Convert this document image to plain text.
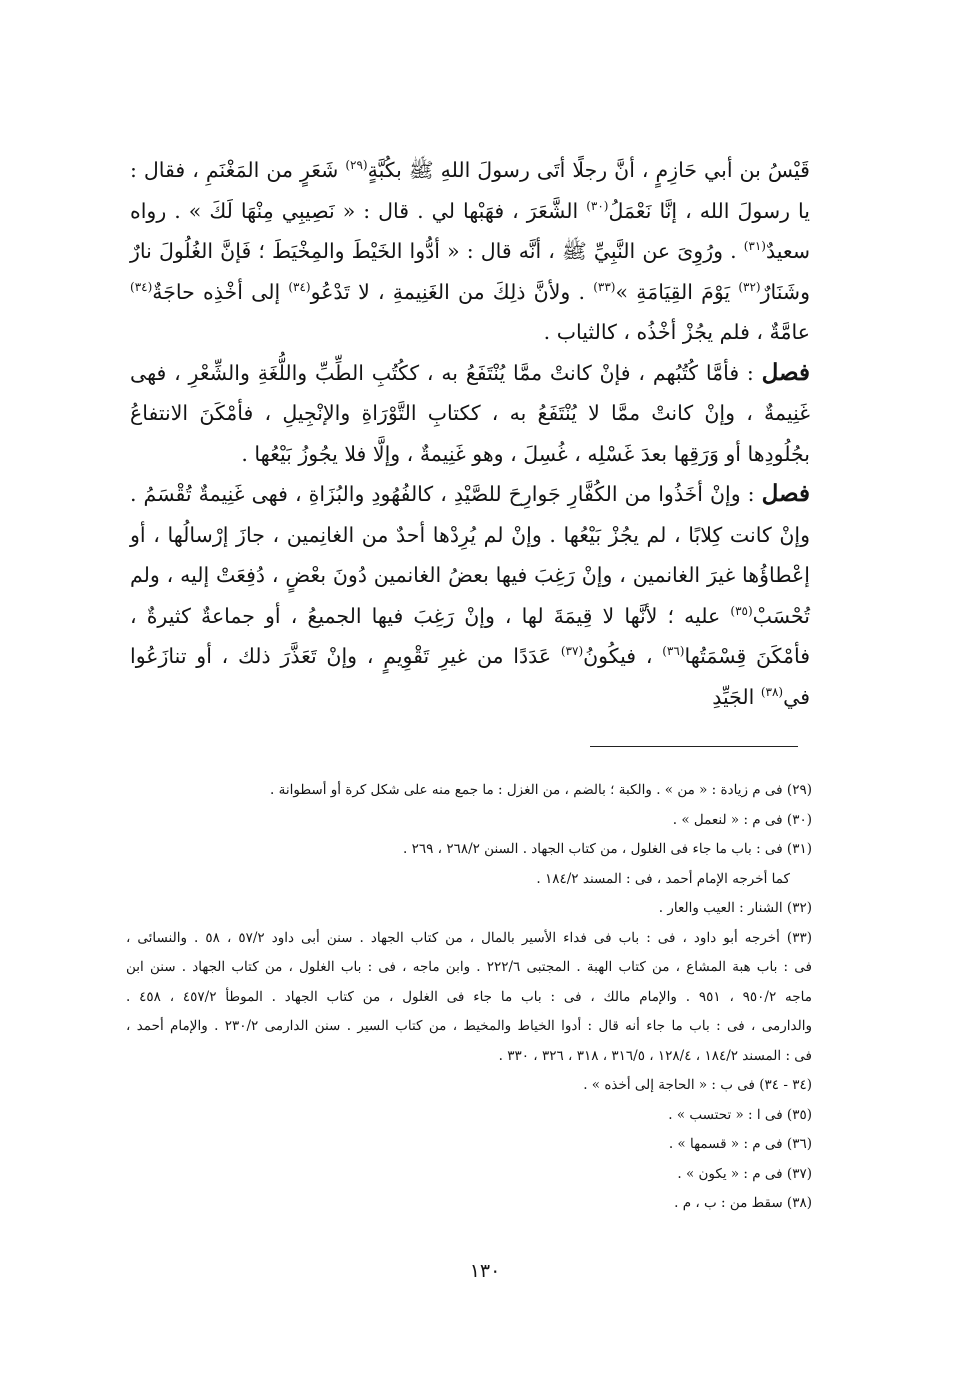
قَيْسُ بن أبي حَازِمٍ ، أنَّ رجلًا أتَى رسولَ اللهِ ﷺ بكُبَّةٍ$^{(٢٩)}$ شَعَرٍ من المَغْنَمِ ، فقال : يا رسولَ الله ، إنَّا نَعْمَلُ$^{(٣٠)}$ الشَّعَرَ ، فهَبْها لي . قال : « نَصِيبِي مِنْهَا لَكَ » . رواه سعيدٌ$^{(٣١)}$ . ورُوِىَ عن النَّبِيِّ ﷺ ، أنَّه قال : « أدُّوا الخَيْطَ والمِخْيَطَ ؛ فَإنَّ الغُلُولَ نارٌ وشَنَارٌ$^{(٣٢)}$ يَوْمَ القِيَامَةِ »$^{(٣٣)}$ . ولأنَّ ذلِكَ من الغَنِيمةِ ، لا تَدْعُو$^{(٣٤)}$ إلى أخْذِه حاجَةٌ$^{(٣٤)}$ عامَّةٌ ، فلم يجُزْ أخْذُه ، كالثياب .

فصل : فأمَّا كُتُبُهم ، فإنْ كانتْ ممَّا يُنْتَفَعُ به ، ككُتُبِ الطِّبِّ واللُّغَةِ والشِّعْرِ ، فهى غَنِيمةٌ ، وإنْ كانتْ ممَّا لا يُنْتَفَعُ به ، ككتابِ التَّوْرَاةِ والإنْجِيلِ ، فأمْكَنَ الانتفاعُ بجُلُودِها أو وَرَقِها بعدَ غَسْلِه ، غُسِلَ ، وهو غَنِيمةٌ ، وإلَّا فلا يجُوزُ بَيْعُها .

فصل : وإنْ أخَذُوا من الكُفَّارِ جَوارِحَ للصَّيْدِ ، كالفُهُودِ والبُزَاةِ ، فهى غَنِيمةٌ تُقْسَمُ . وإنْ كانت كِلابًا ، لم يجُزْ بَيْعُها . وإنْ لم يُرِدْها أحدٌ من الغانِمين ، جازَ إرْسالُها ، أو إعْطاؤُها غيرَ الغانمين ، وإنْ رَغِبَ فيها بعضُ الغانمين دُونَ بعْضٍ ، دُفِعَتْ إليه ، ولم تُحْسَبْ$^{(٣٥)}$ عليه ؛ لأنَّها لا قِيمَةَ لها ، وإنْ رَغِبَ فيها الجميعُ ، أو جماعةٌ كثيرةٌ ، فأمْكَنَ قِسْمَتُها$^{(٣٦)}$ ، فيكُونُ$^{(٣٧)}$ عَدَدًا من غيرِ تَقْوِيمٍ ، وإنْ تَعَذَّرَ ذلك ، أو تنازَعُوا في$^{(٣٨)}$ الجَيِّدِ

(٢٩) فى م زيادة : « من » . والكبة ؛ بالضم ، من الغزل : ما جمع منه على شكل كرة أو أسطوانة .
(٣٠) فى م : « لنعمل » .
(٣١) فى : باب ما جاء فى الغلول ، من كتاب الجهاد . السنن ٢٦٨/٢ ، ٢٦٩ .
كما أخرجه الإمام أحمد ، فى : المسند ١٨٤/٢ .
(٣٢) الشنار : العيب والعار .
(٣٣) أخرجه أبو داود ، فى : باب فى فداء الأسير بالمال ، من كتاب الجهاد . سنن أبى داود ٥٧/٢ ، ٥٨ . والنسائى ،
فى : باب هبة المشاع ، من كتاب الهبة . المجتبى ٢٢٢/٦ . وابن ماجه ، فى : باب الغلول ، من كتاب الجهاد . سنن ابن
ماجه ٩٥٠/٢ ، ٩٥١ . والإمام مالك ، فى : باب ما جاء فى الغلول ، من كتاب الجهاد . الموطأ ٤٥٧/٢ ، ٤٥٨ .
والدارمى ، فى : باب ما جاء أنه قال : أدوا الخياط والمخيط ، من كتاب السير . سنن الدارمى ٢٣٠/٢ . والإمام أحمد ،
فى : المسند ١٨٤/٢ ، ١٢٨/٤ ، ٣١٦/٥ ، ٣١٨ ، ٣٢٦ ، ٣٣٠ .
(٣٤ - ٣٤) فى ب : « الحاجة إلى أخذه » .
(٣٥) فى ا : « تحتسب » .
(٣٦) فى م : « قسمها » .
(٣٧) فى م : « يكون » .
(٣٨) سقط من : ب ، م .
١٣٠
